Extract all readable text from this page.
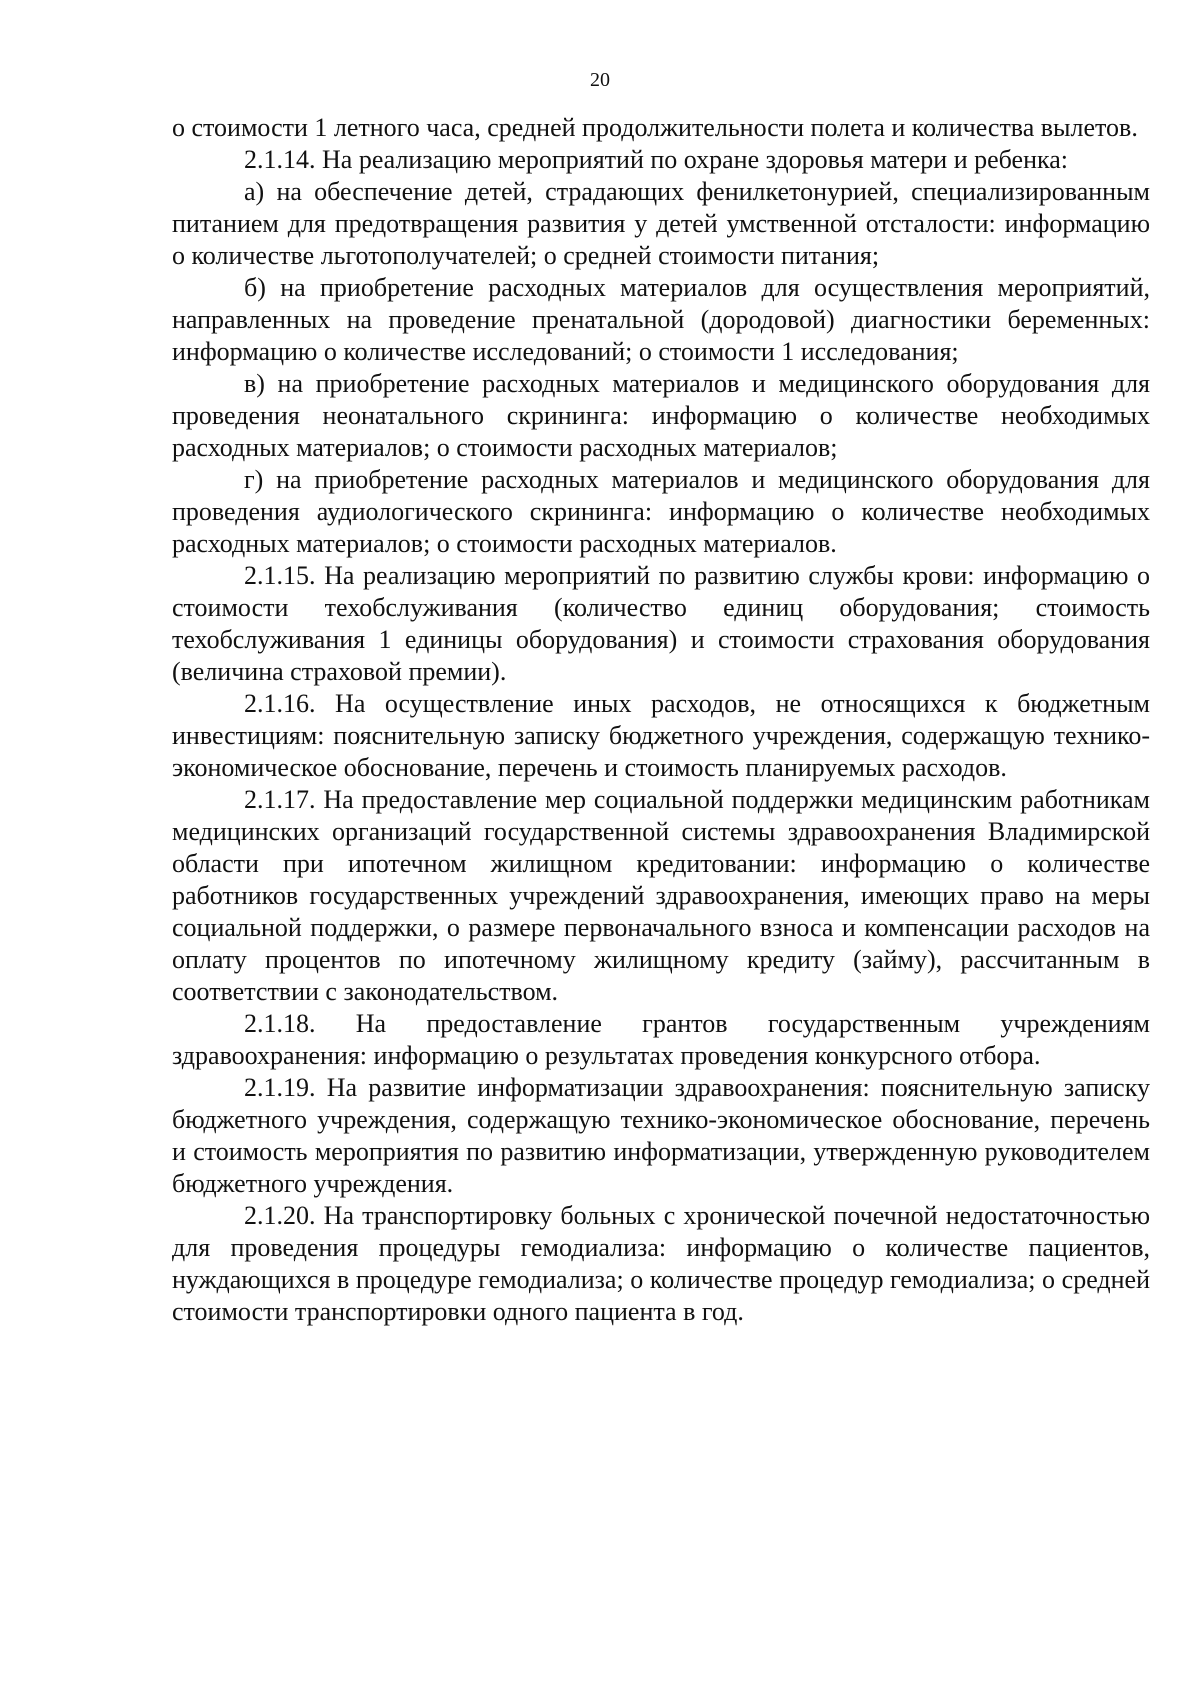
20

о стоимости 1 летного часа, средней продолжительности полета и количества вылетов.

2.1.14. На реализацию мероприятий по охране здоровья матери и ребенка:

а) на обеспечение детей, страдающих фенилкетонурией, специализированным питанием для предотвращения развития у детей умственной отсталости: информацию о количестве льготополучателей; о средней стоимости питания;

б) на приобретение расходных материалов для осуществления мероприятий, направленных на проведение пренатальной (дородовой) диагностики беременных: информацию о количестве исследований; о стоимости 1 исследования;

в) на приобретение расходных материалов и медицинского оборудования для проведения неонатального скрининга: информацию о количестве необходимых расходных материалов; о стоимости расходных материалов;

г) на приобретение расходных материалов и медицинского оборудования для проведения аудиологического скрининга: информацию о количестве необходимых расходных материалов; о стоимости расходных материалов.

2.1.15. На реализацию мероприятий по развитию службы крови: информацию о стоимости техобслуживания (количество единиц оборудования; стоимость техобслуживания 1 единицы оборудования) и стоимости страхования оборудования (величина страховой премии).

2.1.16. На осуществление иных расходов, не относящихся к бюджетным инвестициям: пояснительную записку бюджетного учреждения, содержащую технико-экономическое обоснование, перечень и стоимость планируемых расходов.

2.1.17. На предоставление мер социальной поддержки медицинским работникам медицинских организаций государственной системы здравоохранения Владимирской области при ипотечном жилищном кредитовании: информацию о количестве работников государственных учреждений здравоохранения, имеющих право на меры социальной поддержки, о размере первоначального взноса и компенсации расходов на оплату процентов по ипотечному жилищному кредиту (займу), рассчитанным в соответствии с законодательством.

2.1.18. На предоставление грантов государственным учреждениям здравоохранения: информацию о результатах проведения конкурсного отбора.

2.1.19. На развитие информатизации здравоохранения: пояснительную записку бюджетного учреждения, содержащую технико-экономическое обоснование, перечень и стоимость мероприятия по развитию информатизации, утвержденную руководителем бюджетного учреждения.

2.1.20. На транспортировку больных с хронической почечной недостаточностью для проведения процедуры гемодиализа: информацию о количестве пациентов, нуждающихся в процедуре гемодиализа; о количестве процедур гемодиализа; о средней стоимости транспортировки одного пациента в год.
